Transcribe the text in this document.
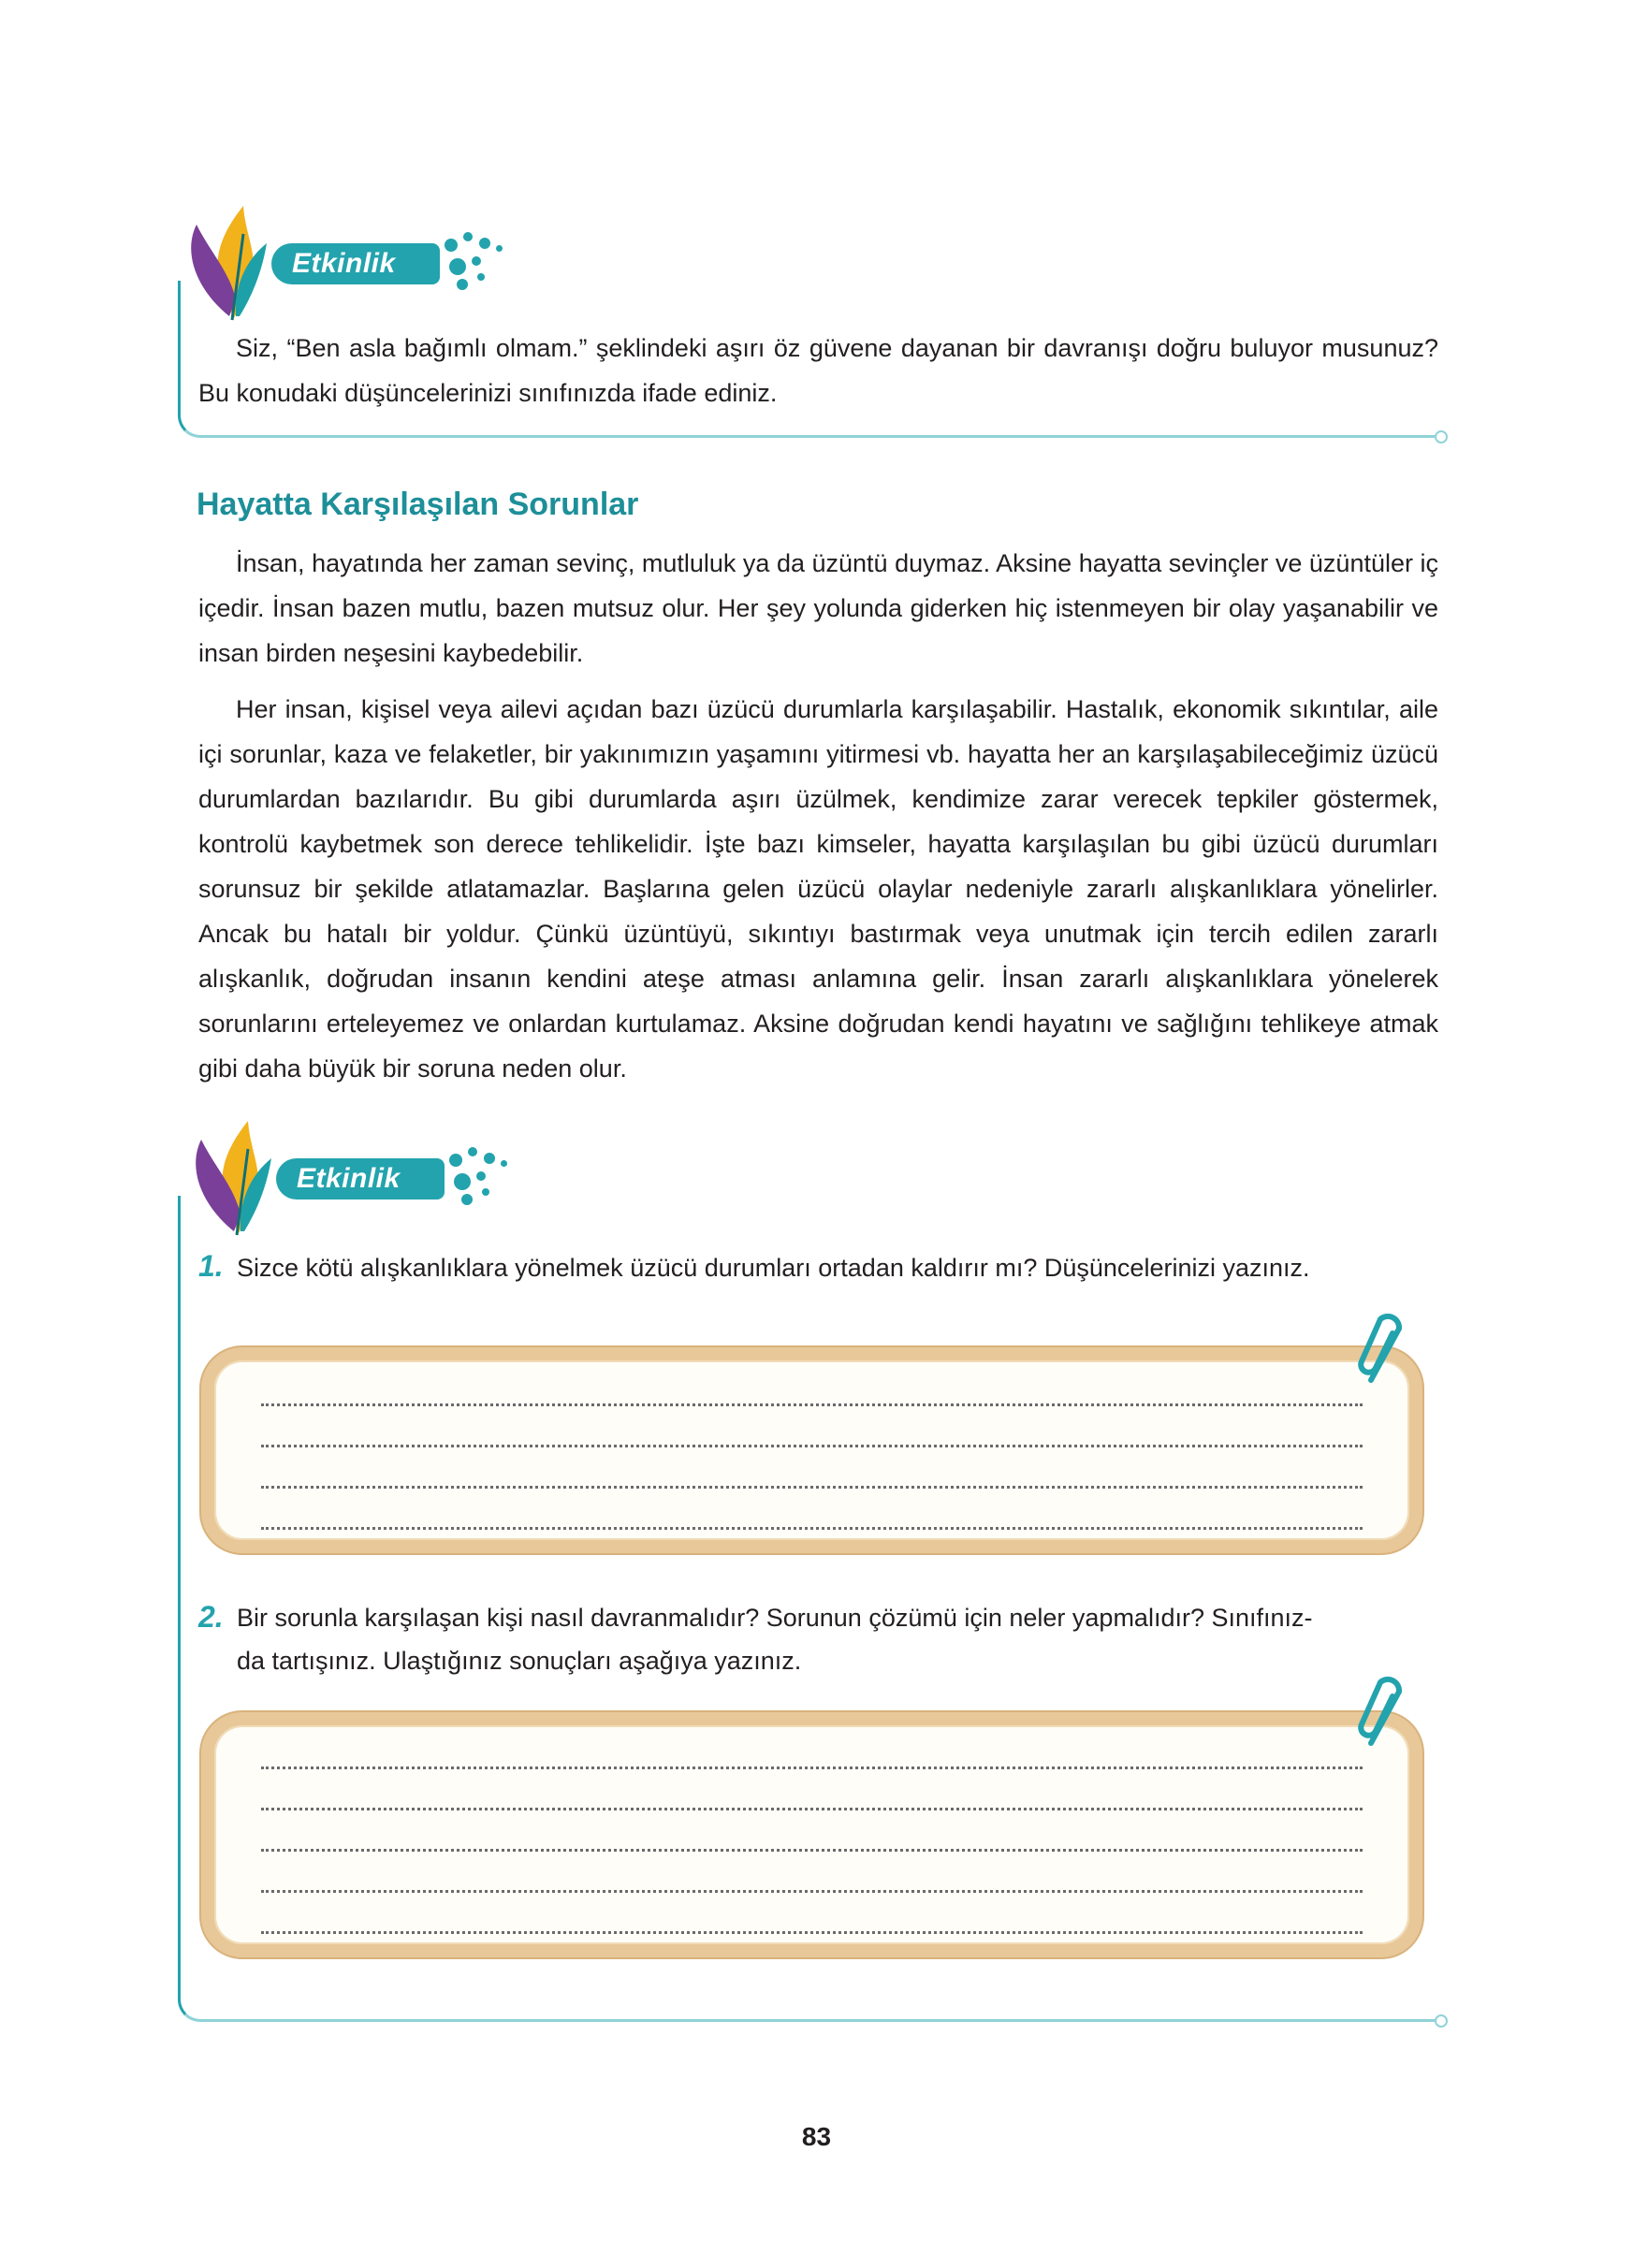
Etkinlik

Siz, “Ben asla bağımlı olmam.” şeklindeki aşırı öz güvene dayanan bir davranışı doğru buluyor musunuz? Bu konudaki düşüncelerinizi sınıfınızda ifade ediniz.

Hayatta Karşılaşılan Sorunlar

İnsan, hayatında her zaman sevinç, mutluluk ya da üzüntü duymaz. Aksine hayatta sevinçler ve üzüntüler iç içedir. İnsan bazen mutlu, bazen mutsuz olur. Her şey yolunda giderken hiç istenmeyen bir olay yaşanabilir ve insan birden neşesini kaybedebilir.

Her insan, kişisel veya ailevi açıdan bazı üzücü durumlarla karşılaşabilir. Hastalık, ekonomik sıkıntılar, aile içi sorunlar, kaza ve felaketler, bir yakınımızın yaşamını yitirmesi vb. hayatta her an karşılaşabileceğimiz üzücü durumlardan bazılarıdır. Bu gibi durumlarda aşırı üzülmek, kendimize zarar verecek tepkiler göstermek, kontrolü kaybetmek son derece tehlikelidir. İşte bazı kimseler, hayatta karşılaşılan bu gibi üzücü durumları sorunsuz bir şekilde atlatamazlar. Başlarına gelen üzücü olaylar nedeniyle zararlı alışkanlıklara yönelirler. Ancak bu hatalı bir yoldur. Çünkü üzüntüyü, sıkıntıyı bastırmak veya unutmak için tercih edilen zararlı alışkanlık, doğrudan insanın kendini ateşe atması anlamına gelir. İnsan zararlı alışkanlıklara yönelerek sorunlarını erteleyemez ve onlardan kurtulamaz. Aksine doğrudan kendi hayatını ve sağlığını tehlikeye atmak gibi daha büyük bir soruna neden olur.

Etkinlik
1. Sizce kötü alışkanlıklara yönelmek üzücü durumları ortadan kaldırır mı? Düşüncelerinizi yazınız.
2. Bir sorunla karşılaşan kişi nasıl davranmalıdır? Sorunun çözümü için neler yapmalıdır? Sınıfınız-
da tartışınız. Ulaştığınız sonuçları aşağıya yazınız.
83
